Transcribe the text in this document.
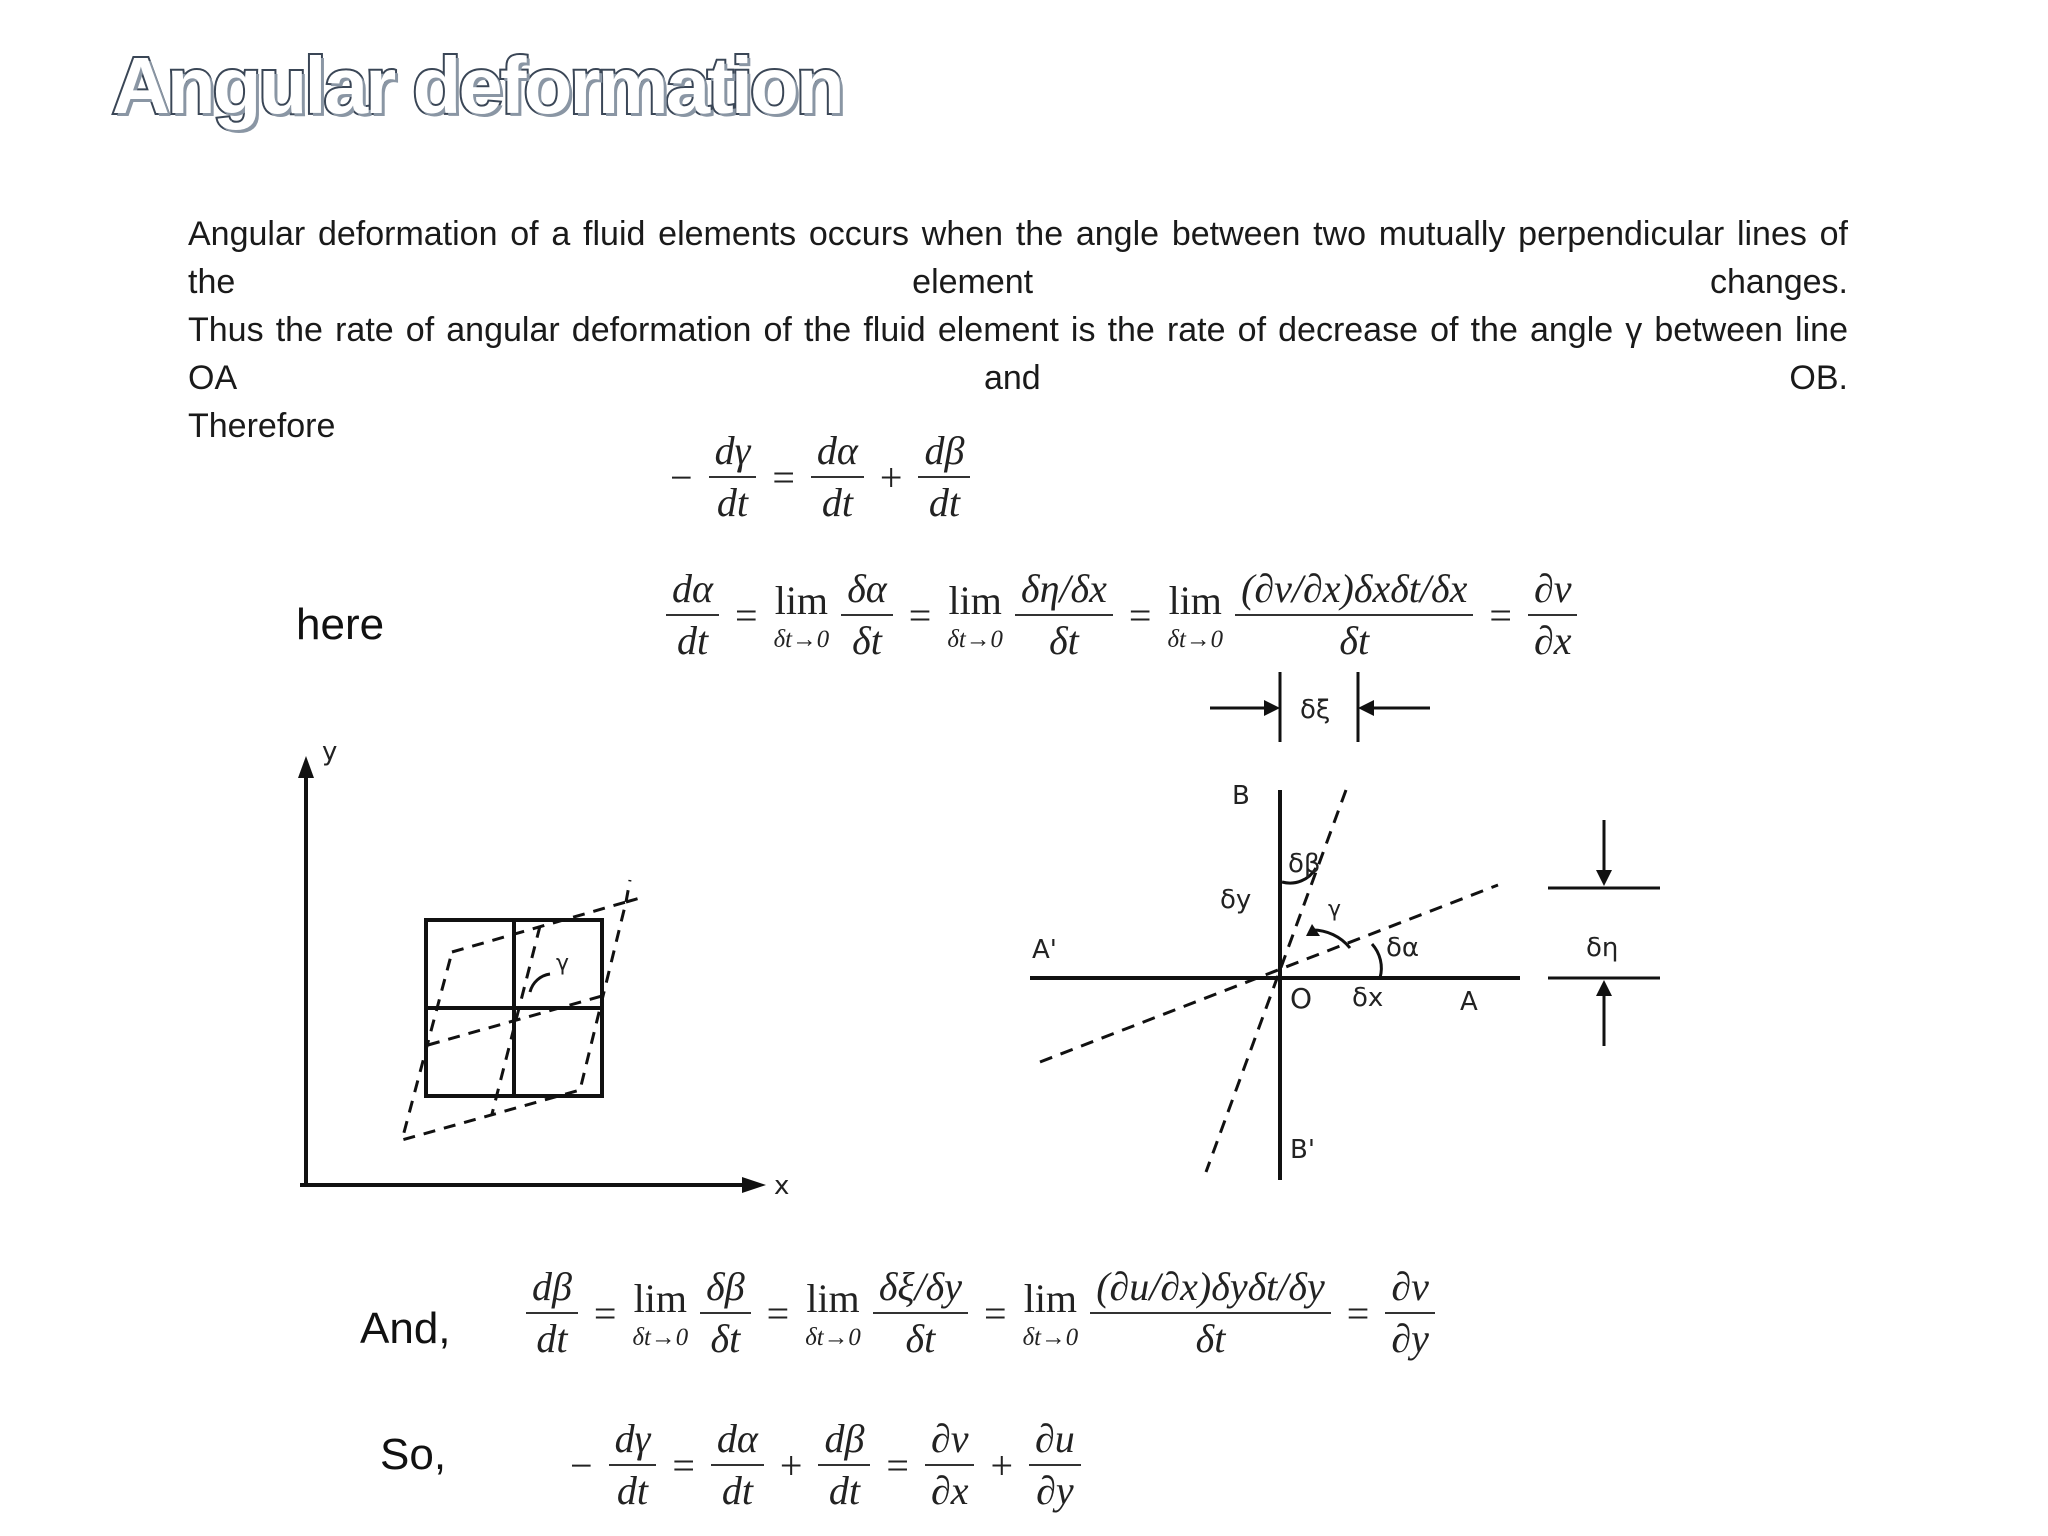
Angular deformation

Angular deformation of a fluid elements occurs when the angle between two mutually perpendicular lines of the element changes.

Thus the rate of angular deformation of the fluid element is the rate of decrease of the angle γ between line OA and OB.

Therefore

− $\frac{d\gamma}{dt} = \frac{d\alpha}{dt} + \frac{d\beta}{dt}$
here	$\frac{d\alpha}{dt} = \lim$
$\delta t\to 0 \frac{\delta\alpha}{\delta t} = \lim$
$\delta t\to 0 \frac{\delta\eta/\delta x}{\delta t} = \lim$
$\delta t\to 0 \frac{\text{(∂v/∂x)δxδt/δx}}{\delta t} = \frac{\partial v}{\partial x}$
y
x
γ
δξ
B
B'
A
A'
O
δβ
δy	γ
δα
δx
δη
And, $\frac{d\beta}{dt} = \lim$
$\delta t\to 0 \frac{\delta\beta}{\delta t} = \lim$
$\delta t\to 0 \frac{\delta\xi/\delta y}{\delta t} = \lim$
$\delta t\to 0 \frac{\text{(∂u/∂x)δyδt/δy}}{\delta t} = \frac{\partial v}{\partial y}$
So,	− $\frac{d\gamma}{dt} = \frac{d\alpha}{dt} + \frac{d\beta}{dt} = \frac{\partial v}{\partial x} + \frac{\partial u}{\partial y}$
